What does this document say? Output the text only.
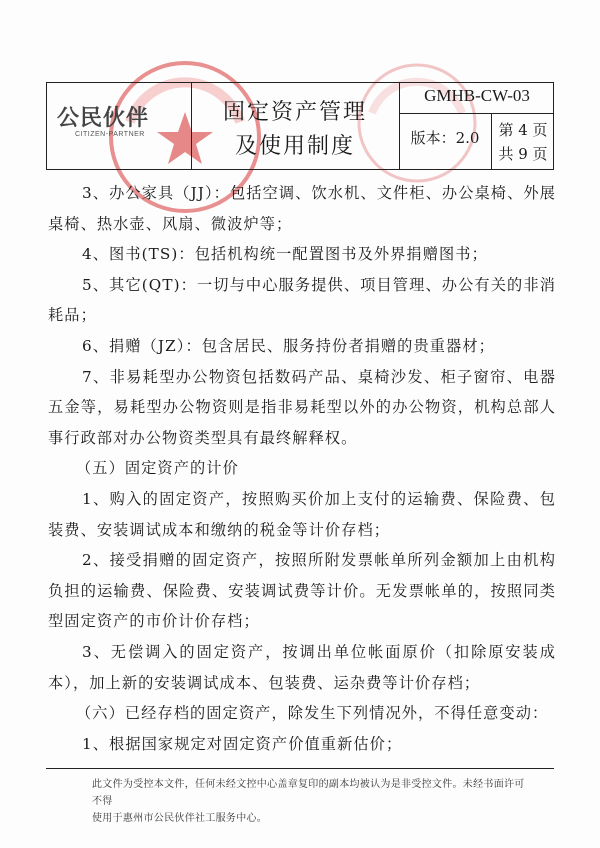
公民伙伴
CITIZEN-PARTNER
固定资产管理
及使用制度
GMHB-CW-03
版本：2.0	第 4 页
共 9 页

3、办公家具（JJ）：包括空调、饮水机、文件柜、办公桌椅、外展桌椅、热水壶、风扇、微波炉等；

4、图书(TS)：包括机构统一配置图书及外界捐赠图书；

5、其它(QT)：一切与中心服务提供、项目管理、办公有关的非消耗品；

6、捐赠（JZ）：包含居民、服务持份者捐赠的贵重器材；

7、非易耗型办公物资包括数码产品、桌椅沙发、柜子窗帘、电器五金等，易耗型办公物资则是指非易耗型以外的办公物资，机构总部人事行政部对办公物资类型具有最终解释权。

（五）固定资产的计价

1、购入的固定资产，按照购买价加上支付的运输费、保险费、包装费、安装调试成本和缴纳的税金等计价存档；

2、接受捐赠的固定资产，按照所附发票帐单所列金额加上由机构负担的运输费、保险费、安装调试费等计价。无发票帐单的，按照同类型固定资产的市价计价存档；

3、无偿调入的固定资产，按调出单位帐面原价（扣除原安装成本），加上新的安装调试成本、包装费、运杂费等计价存档；

（六）已经存档的固定资产，除发生下列情况外，不得任意变动：

1、根据国家规定对固定资产价值重新估价；

此文件为受控本文件，任何未经文控中心盖章复印的副本均被认为是非受控文件。未经书面许可不得
使用于惠州市公民伙伴社工服务中心。
